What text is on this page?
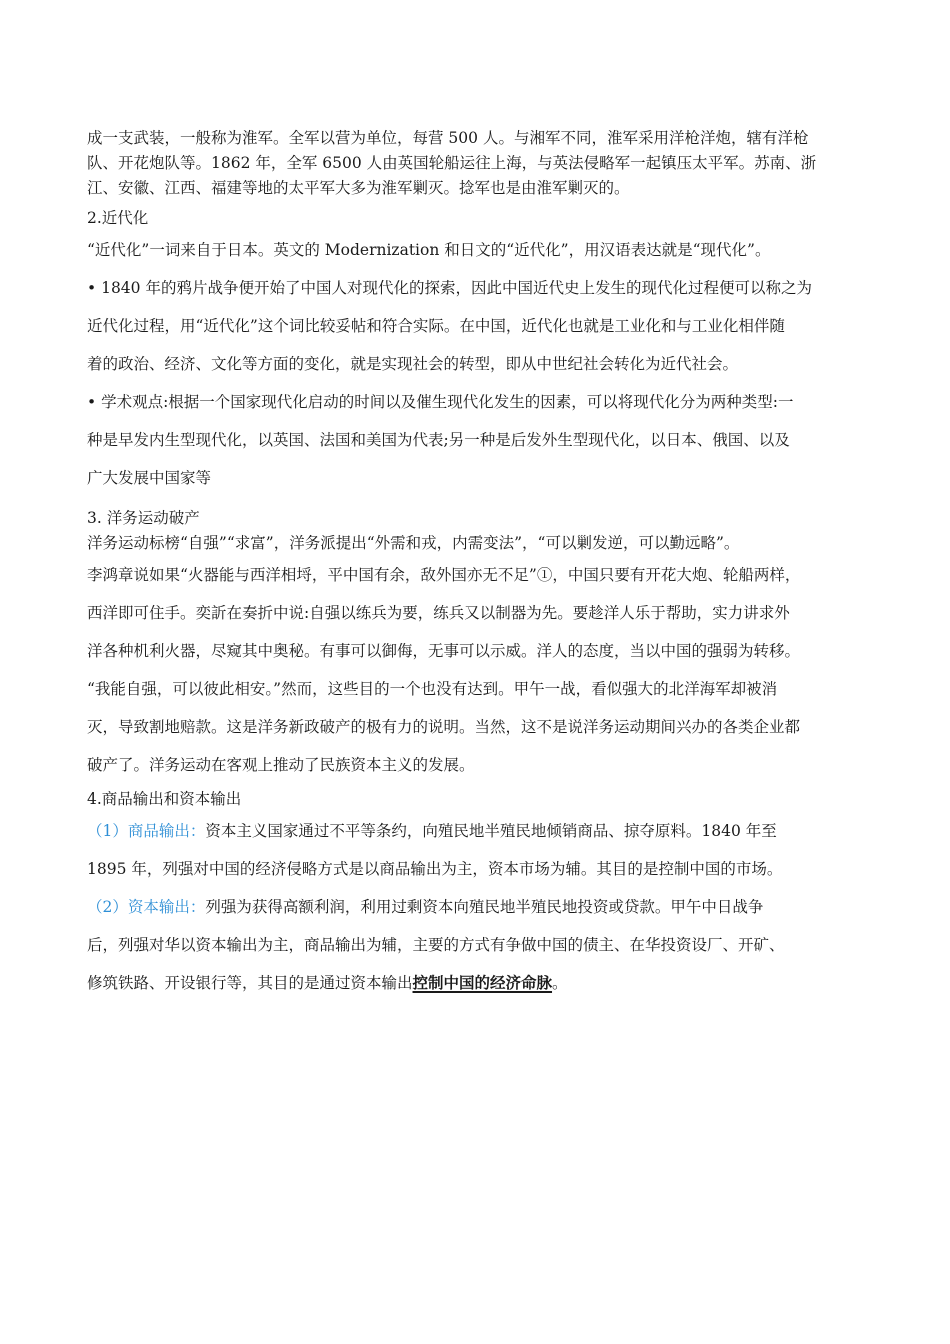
成一支武装，一般称为淮军。全军以营为单位，每营 500 人。与湘军不同，淮军采用洋枪洋炮，辖有洋枪

队、开花炮队等。1862 年，全军 6500 人由英国轮船运往上海，与英法侵略军一起镇压太平军。苏南、浙

江、安徽、江西、福建等地的太平军大多为淮军剿灭。捻军也是由淮军剿灭的。

2.近代化

“近代化”一词来自于日本。英文的 Modernization 和日文的“近代化”，用汉语表达就是“现代化”。

• 1840 年的鸦片战争便开始了中国人对现代化的探索，因此中国近代史上发生的现代化过程便可以称之为

近代化过程，用“近代化”这个词比较妥帖和符合实际。在中国，近代化也就是工业化和与工业化相伴随

着的政治、经济、文化等方面的变化，就是实现社会的转型，即从中世纪社会转化为近代社会。

• 学术观点:根据一个国家现代化启动的时间以及催生现代化发生的因素，可以将现代化分为两种类型:一

种是早发内生型现代化，以英国、法国和美国为代表;另一种是后发外生型现代化，以日本、俄国、以及

广大发展中国家等

3. 洋务运动破产

洋务运动标榜“自强”“求富”，洋务派提出“外需和戎，内需变法”，“可以剿发逆，可以勤远略”。

李鸿章说如果“火器能与西洋相埒，平中国有余，敌外国亦无不足”①，中国只要有开花大炮、轮船两样，

西洋即可住手。奕訢在奏折中说:自强以练兵为要，练兵又以制器为先。要趁洋人乐于帮助，实力讲求外

洋各种机利火器，尽窥其中奥秘。有事可以御侮，无事可以示威。洋人的态度，当以中国的强弱为转移。

“我能自强，可以彼此相安。”然而，这些目的一个也没有达到。甲午一战，看似强大的北洋海军却被消

灭，导致割地赔款。这是洋务新政破产的极有力的说明。当然，这不是说洋务运动期间兴办的各类企业都

破产了。洋务运动在客观上推动了民族资本主义的发展。

4.商品输出和资本输出

（1）商品输出：资本主义国家通过不平等条约，向殖民地半殖民地倾销商品、掠夺原料。1840 年至

1895 年，列强对中国的经济侵略方式是以商品输出为主，资本市场为辅。其目的是控制中国的市场。

（2）资本输出：列强为获得高额利润，利用过剩资本向殖民地半殖民地投资或贷款。甲午中日战争

后，列强对华以资本输出为主，商品输出为辅，主要的方式有争做中国的债主、在华投资设厂、开矿、

修筑铁路、开设银行等，其目的是通过资本输出控制中国的经济命脉。
